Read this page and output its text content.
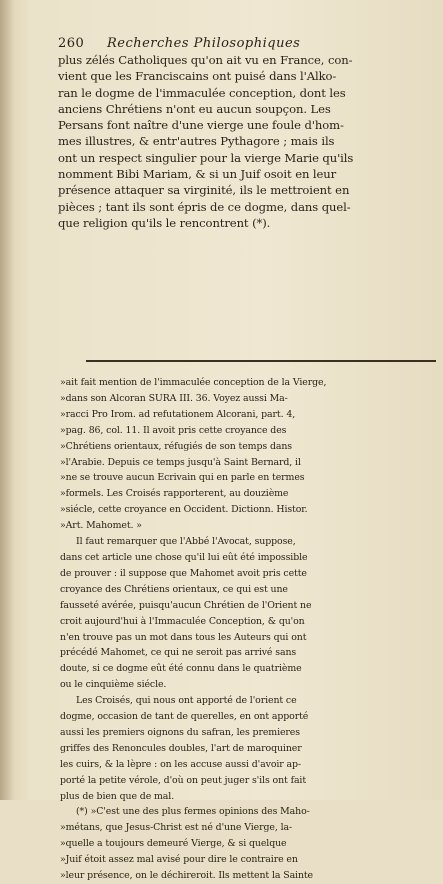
260 Recherches Philosophiques

plus zélés Catholiques qu'on ait vu en France, con-
vient que les Franciscains ont puisé dans l'Alko-
ran le dogme de l'immaculée conception, dont les
anciens Chrétiens n'ont eu aucun soupçon. Les
Persans font naître d'une vierge une foule d'hom-
mes illustres, & entr'autres Pythagore ; mais ils
ont un respect singulier pour la vierge Marie qu'ils
nomment Bibi Mariam, & si un Juif osoit en leur
présence attaquer sa virginité, ils le mettroient en
pièces ; tant ils sont épris de ce dogme, dans quel-
que religion qu'ils le rencontrent (*).

»ait fait mention de l'immaculée conception de la Vierge,
»dans son Alcoran SURA III. 36. Voyez aussi Ma-
»racci Pro Irom. ad refutationem Alcorani, part. 4,
»pag. 86, col. 11. Il avoit pris cette croyance des
»Chrétiens orientaux, réfugiés de son temps dans
»l'Arabie. Depuis ce temps jusqu'à Saint Bernard, il
»ne se trouve aucun Ecrivain qui en parle en termes
»formels. Les Croisés rapporterent, au douzième
»siécle, cette croyance en Occident. Dictionn. Histor.
»Art. Mahomet. »

Il faut remarquer que l'Abbé l'Avocat, suppose,
dans cet article une chose qu'il lui eût été impossible
de prouver : il suppose que Mahomet avoit pris cette
croyance des Chrétiens orientaux, ce qui est une
fausseté avérée, puisqu'aucun Chrétien de l'Orient ne
croit aujourd'hui à l'Immaculée Conception, & qu'on
n'en trouve pas un mot dans tous les Auteurs qui ont
précédé Mahomet, ce qui ne seroit pas arrivé sans
doute, si ce dogme eût été connu dans le quatrième
ou le cinquième siécle.

Les Croisés, qui nous ont apporté de l'orient ce
dogme, occasion de tant de querelles, en ont apporté
aussi les premiers oignons du safran, les premieres
griffes des Renoncules doubles, l'art de maroquiner
les cuirs, & la lèpre : on les accuse aussi d'avoir ap-
porté la petite vérole, d'où on peut juger s'ils ont fait
plus de bien que de mal.

(*) »C'est une des plus fermes opinions des Maho-
»métans, que Jesus-Christ est né d'une Vierge, la-
»quelle a toujours demeuré Vierge, & si quelque
»Juif étoit assez mal avisé pour dire le contraire en
»leur présence, on le déchireroit. Ils mettent la Sainte
